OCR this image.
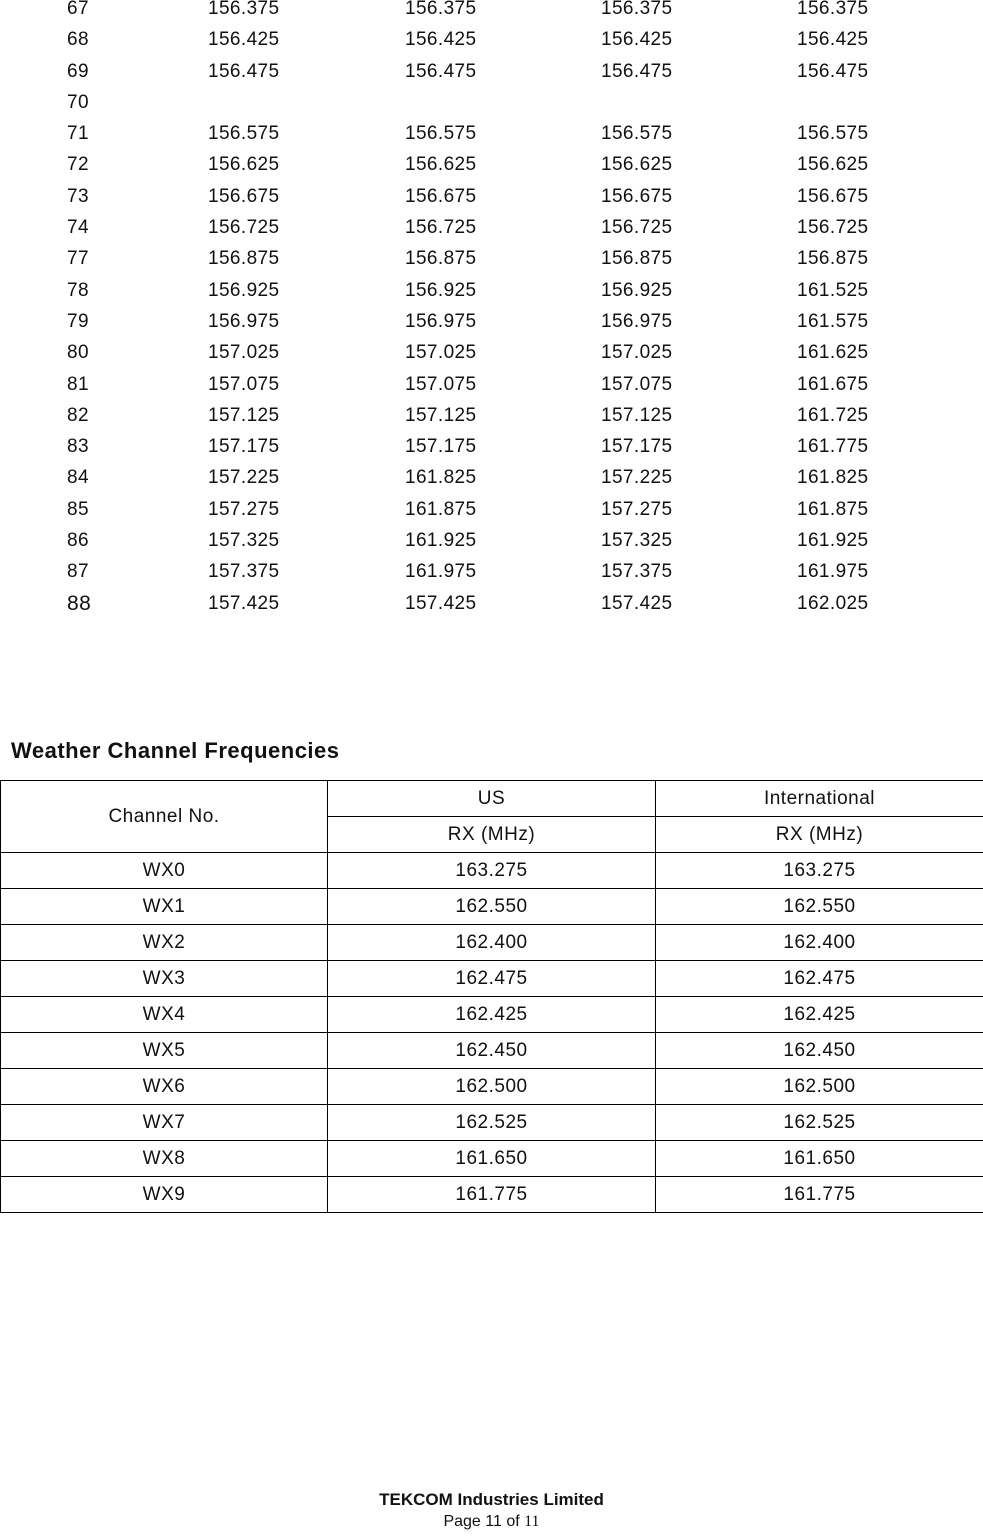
67	156.375	156.375	156.375	156.375
68	156.425	156.425	156.425	156.425
69	156.475	156.475	156.475	156.475
70
71	156.575	156.575	156.575	156.575
72	156.625	156.625	156.625	156.625
73	156.675	156.675	156.675	156.675
74	156.725	156.725	156.725	156.725
77	156.875	156.875	156.875	156.875
78	156.925	156.925	156.925	161.525
79	156.975	156.975	156.975	161.575
80	157.025	157.025	157.025	161.625
81	157.075	157.075	157.075	161.675
82	157.125	157.125	157.125	161.725
83	157.175	157.175	157.175	161.775
84	157.225	161.825	157.225	161.825
85	157.275	161.875	157.275	161.875
86	157.325	161.925	157.325	161.925
87	157.375	161.975	157.375	161.975
88	157.425	157.425	157.425	162.025
Weather Channel Frequencies
Channel No.	US	International
	RX (MHz)	RX (MHz)
WX0	163.275	163.275
WX1	162.550	162.550
WX2	162.400	162.400
WX3	162.475	162.475
WX4	162.425	162.425
WX5	162.450	162.450
WX6	162.500	162.500
WX7	162.525	162.525
WX8	161.650	161.650
WX9	161.775	161.775
TEKCOM Industries Limited
Page 11 of 11
